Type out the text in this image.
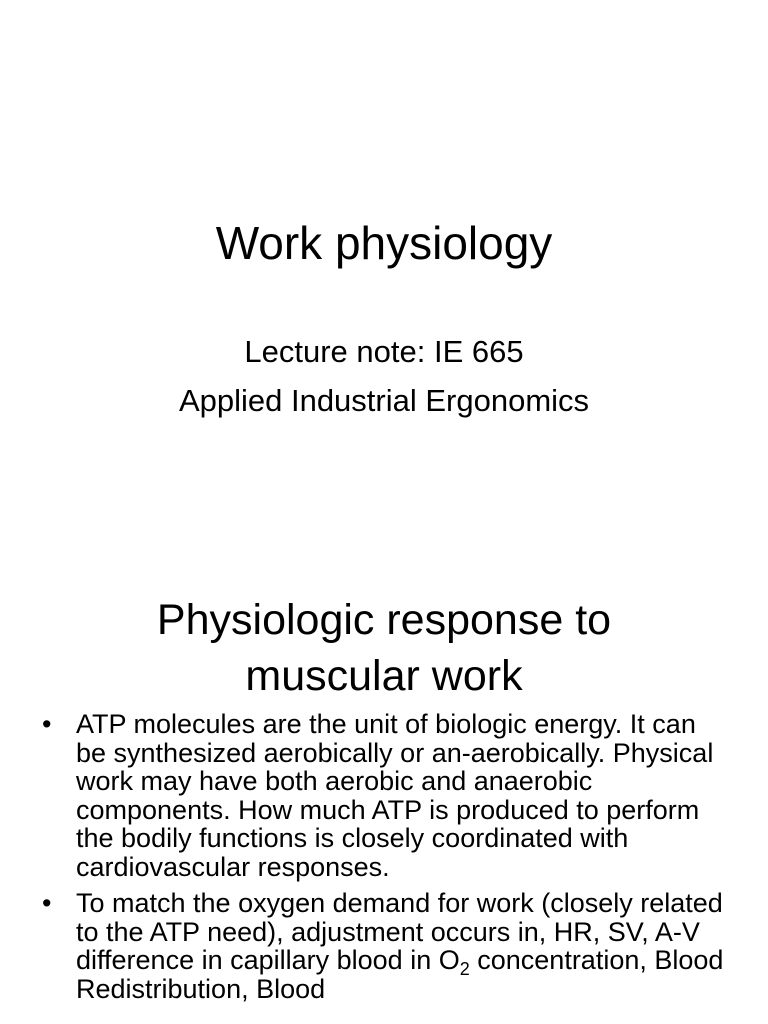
Work physiology
Lecture note: IE 665
Applied Industrial Ergonomics
Physiologic response to
muscular work
• ATP molecules are the unit of biologic energy. It can be synthesized aerobically or an-aerobically. Physical work may have both aerobic and anaerobic components. How much ATP is produced to perform the bodily functions is closely coordinated with cardiovascular responses.
• To match the oxygen demand for work (closely related to the ATP need), adjustment occurs in, HR, SV, A-V difference in capillary blood in $O_2$ concentration, Blood Redistribution, Blood
